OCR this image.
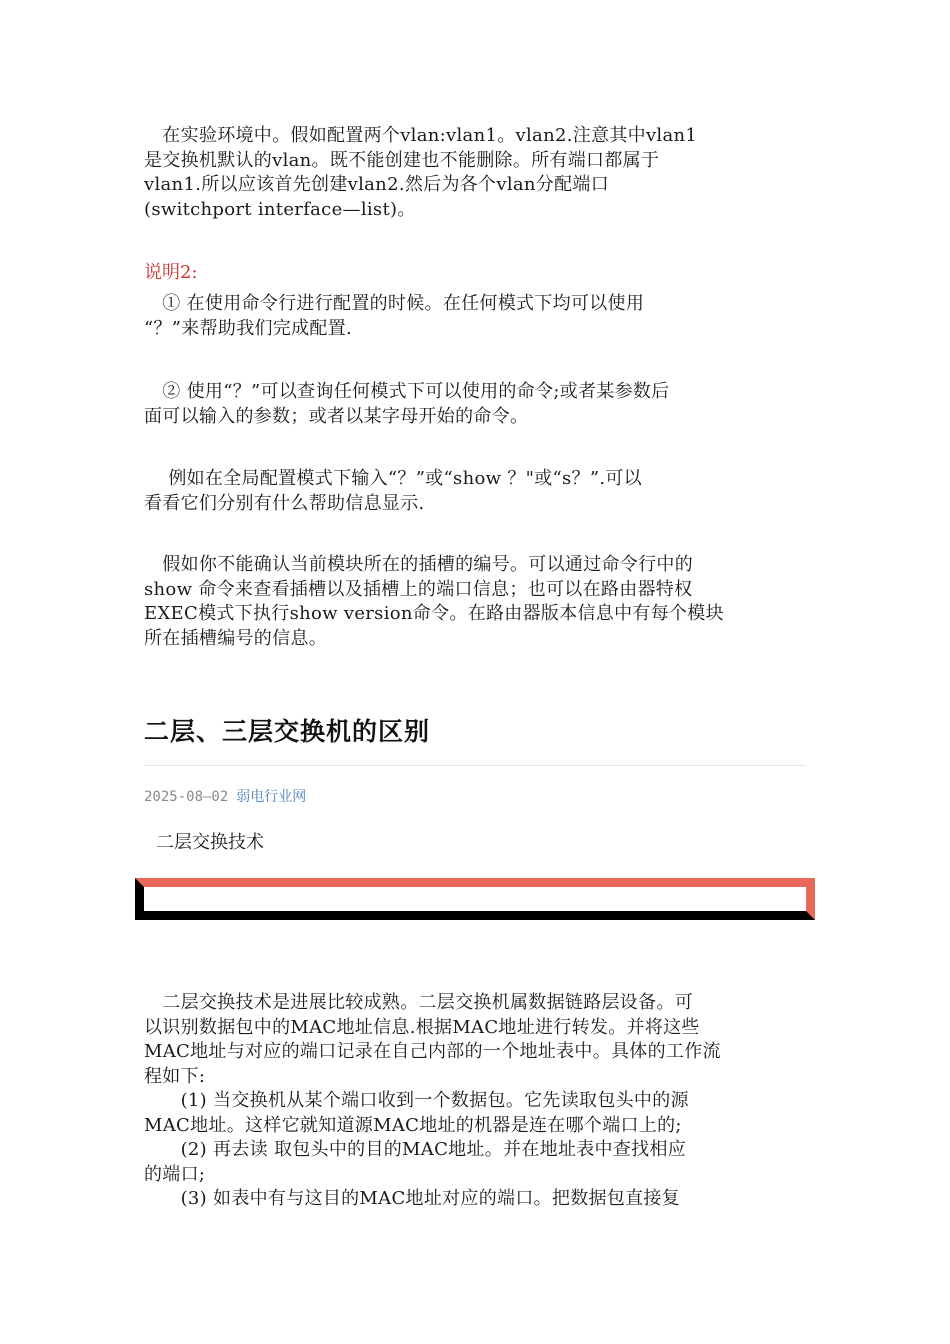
　在实验环境中。假如配置两个vlan:vlan1。vlan2.注意其中vlan1
是交换机默认的vlan。既不能创建也不能删除。所有端口都属于
vlan1.所以应该首先创建vlan2.然后为各个vlan分配端口
(switchport interface—list)。
说明2:
　① 在使用命令行进行配置的时候。在任何模式下均可以使用
“？”来帮助我们完成配置.
　② 使用“？”可以查询任何模式下可以使用的命令;或者某参数后
面可以输入的参数；或者以某字母开始的命令。
　 例如在全局配置模式下输入“？”或“show ？"或“s？”.可以
看看它们分别有什么帮助信息显示.
　假如你不能确认当前模块所在的插槽的编号。可以通过命令行中的
show 命令来查看插槽以及插槽上的端口信息；也可以在路由器特权
EXEC模式下执行show version命令。在路由器版本信息中有每个模块
所在插槽编号的信息。
二层、三层交换机的区别
2025-08—02 弱电行业网
二层交换技术
　二层交换技术是进展比较成熟。二层交换机属数据链路层设备。可
以识别数据包中的MAC地址信息.根据MAC地址进行转发。并将这些
MAC地址与对应的端口记录在自己内部的一个地址表中。具体的工作流
程如下:
　　(1) 当交换机从某个端口收到一个数据包。它先读取包头中的源
MAC地址。这样它就知道源MAC地址的机器是连在哪个端口上的;
　　(2) 再去读 取包头中的目的MAC地址。并在地址表中查找相应
的端口;
　　(3) 如表中有与这目的MAC地址对应的端口。把数据包直接复
